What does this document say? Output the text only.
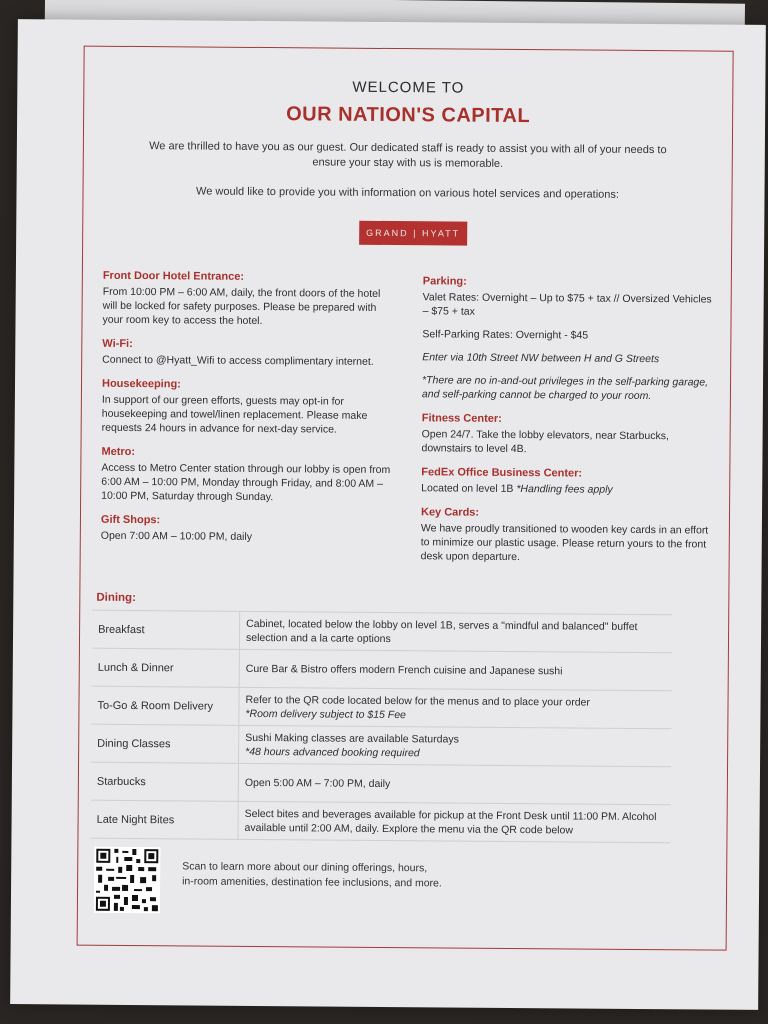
WELCOME TO
OUR NATION'S CAPITAL
We are thrilled to have you as our guest. Our dedicated staff is ready to assist you with all of your needs to ensure your stay with us is memorable.
We would like to provide you with information on various hotel services and operations:
GRAND | HYATT
Front Door Hotel Entrance:

From 10:00 PM – 6:00 AM, daily, the front doors of the hotel will be locked for safety purposes. Please be prepared with your room key to access the hotel.

Wi-Fi:

Connect to @Hyatt_Wifi to access complimentary internet.

Housekeeping:

In support of our green efforts, guests may opt-in for housekeeping and towel/linen replacement. Please make requests 24 hours in advance for next-day service.

Metro:

Access to Metro Center station through our lobby is open from 6:00 AM – 10:00 PM, Monday through Friday, and 8:00 AM – 10:00 PM, Saturday through Sunday.

Gift Shops:

Open 7:00 AM – 10:00 PM, daily

Parking:

Valet Rates: Overnight – Up to $75 + tax // Oversized Vehicles – $75 + tax

Self-Parking Rates: Overnight - $45

Enter via 10th Street NW between H and G Streets

*There are no in-and-out privileges in the self-parking garage, and self-parking cannot be charged to your room.

Fitness Center:

Open 24/7. Take the lobby elevators, near Starbucks, downstairs to level 4B.

FedEx Office Business Center:

Located on level 1B *Handling fees apply

Key Cards:

We have proudly transitioned to wooden key cards in an effort to minimize our plastic usage. Please return yours to the front desk upon departure.

Dining:
Breakfast	Cabinet, located below the lobby on level 1B, serves a "mindful and balanced" buffet selection and a la carte options
Lunch & Dinner	Cure Bar & Bistro offers modern French cuisine and Japanese sushi
To-Go & Room Delivery	Refer to the QR code located below for the menus and to place your order
*Room delivery subject to $15 Fee

Dining Classes	Sushi Making classes are available Saturdays
*48 hours advanced booking required

Starbucks	Open 5:00 AM – 7:00 PM, daily
Late Night Bites	Select bites and beverages available for pickup at the Front Desk until 11:00 PM. Alcohol available until 2:00 AM, daily. Explore the menu via the QR code below
Scan to learn more about our dining offerings, hours,
in-room amenities, destination fee inclusions, and more.
